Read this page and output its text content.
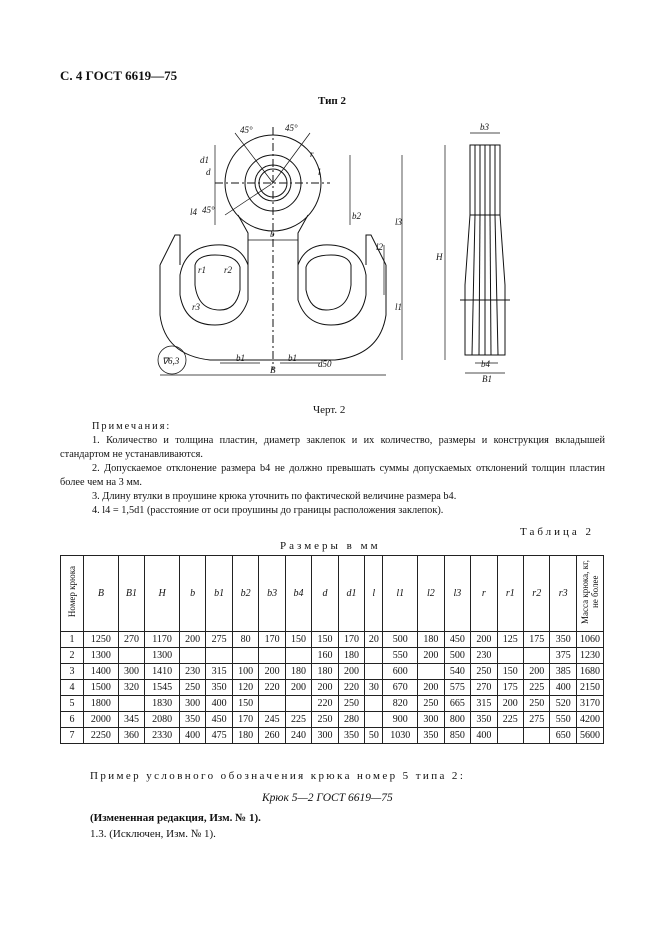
С. 4 ГОСТ 6619—75
Тип 2
45°	45°
45°
d1
d
r
l
l4
b
b2
l3
l2
l1
r1 r2
r3
∇6,3	b1	b1
d50
B
b3
H
b4
B1
Черт. 2
Примечания:

1. Количество и толщина пластин, диаметр заклепок и их количество, размеры и конструкция вкладышей стандартом не устанавливаются.

2. Допускаемое отклонение размера b4 не должно превышать суммы допускаемых отклонений толщин пластин более чем на 3 мм.

3. Длину втулки в проушине крюка уточнить по фактической величине размера b4.

4. l4 = 1,5d1 (расстояние от оси проушины до границы расположения заклепок).

Таблица 2
Размеры в мм
Номер крюка	B	B1	H	b	b1	b2	b3	b4	d	d1	l	l1	l2	l3	r	r1	r2	r3	Масса крюка, кг, не более
1	1250	270	1170	200	275	80	170	150	150	170	20	500	180	450	200	125	175	350	1060
2	1300		1300						160	180		550	200	500	230			375	1230
3	1400	300	1410	230	315	100	200	180	180	200		600		540	250	150	200	385	1680
4	1500	320	1545	250	350	120	220	200	200	220	30	670	200	575	270	175	225	400	2150
5	1800		1830	300	400	150			220	250		820	250	665	315	200	250	520	3170
6	2000	345	2080	350	450	170	245	225	250	280		900	300	800	350	225	275	550	4200
7	2250	360	2330	400	475	180	260	240	300	350	50	1030	350	850	400			650	5600
Пример условного обозначения крюка номер 5 типа 2:
Крюк 5—2 ГОСТ 6619—75
(Измененная редакция, Изм. № 1).
1.3. (Исключен, Изм. № 1).
